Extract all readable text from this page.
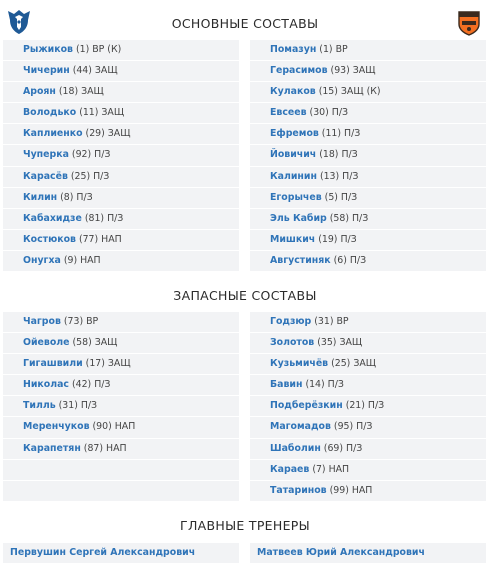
ОСНОВНЫЕ СОСТАВЫ
Рыжиков (1) ВР (К)
Чичерин (44) ЗАЩ
Ароян (18) ЗАЩ
Володько (11) ЗАЩ
Каплиенко (29) ЗАЩ
Чуперка (92) П/З
Карасёв (25) П/З
Килин (8) П/З
Кабахидзе (81) П/З
Костюков (77) НАП
Онугха (9) НАП
Помазун (1) ВР
Герасимов (93) ЗАЩ
Кулаков (15) ЗАЩ (К)
Евсеев (30) П/З
Ефремов (11) П/З
Йовичич (18) П/З
Калинин (13) П/З
Егорычев (5) П/З
Эль Кабир (58) П/З
Мишкич (19) П/З
Августиняк (6) П/З
ЗАПАСНЫЕ СОСТАВЫ
Чагров (73) ВР
Ойеволе (58) ЗАЩ
Гигашвили (17) ЗАЩ
Николас (42) П/З
Тилль (31) П/З
Меренчуков (90) НАП
Карапетян (87) НАП
Годзюр (31) ВР
Золотов (35) ЗАЩ
Кузьмичёв (25) ЗАЩ
Бавин (14) П/З
Подберёзкин (21) П/З
Магомадов (95) П/З
Шаболин (69) П/З
Караев (7) НАП
Татаринов (99) НАП
ГЛАВНЫЕ ТРЕНЕРЫ
Первушин Сергей Александрович	Матвеев Юрий Александрович
